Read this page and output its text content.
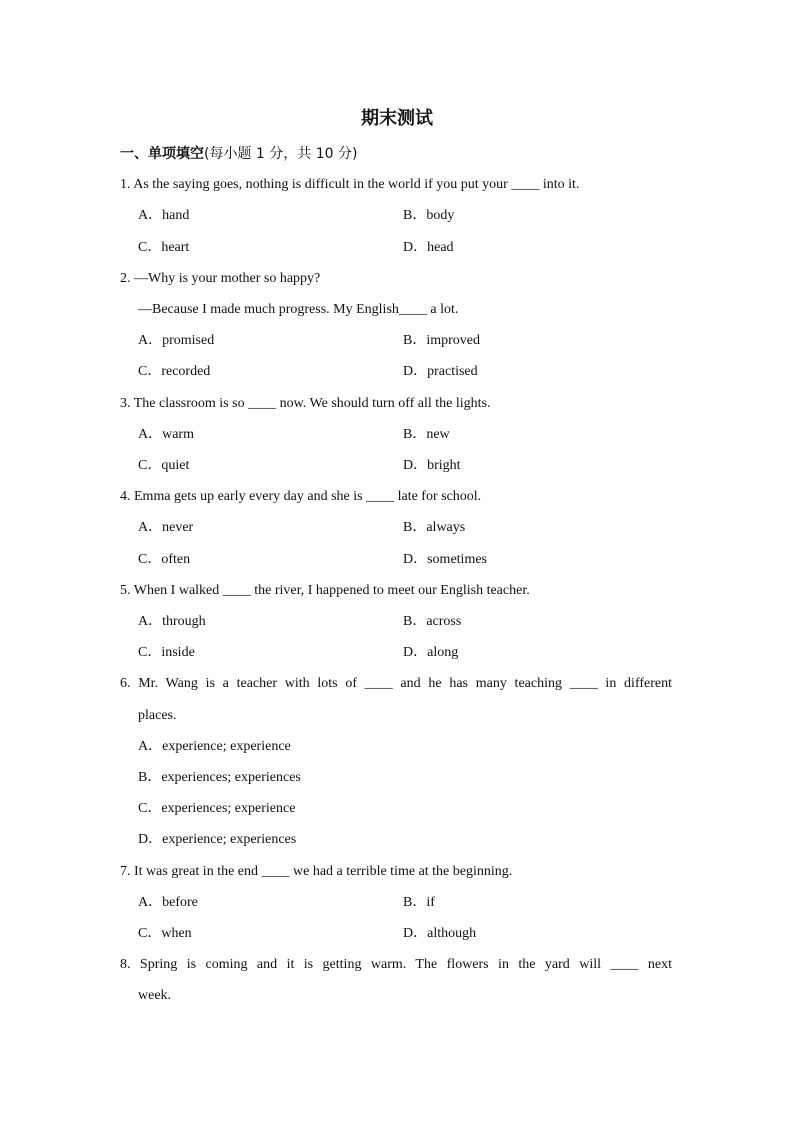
期末测试
一、单项填空(每小题 1 分，共 10 分)
1. As the saying goes, nothing is difficult in the world if you put your ____ into it.
A．hand	B．body
C．heart	D．head
2. —Why is your mother so happy?
—Because I made much progress. My English____ a lot.
A．promised	B．improved
C．recorded	D．practised
3. The classroom is so ____ now. We should turn off all the lights.
A．warm	B．new
C．quiet	D．bright
4. Emma gets up early every day and she is ____ late for school.
A．never	B．always
C．often	D．sometimes
5. When I walked ____ the river, I happened to meet our English teacher.
A．through	B．across
C．inside	D．along
6. Mr. Wang is a teacher with lots of ____ and he has many teaching ____ in different
places.
A．experience; experience
B．experiences; experiences
C．experiences; experience
D．experience; experiences
7. It was great in the end ____ we had a terrible time at the beginning.
A．before	B．if
C．when	D．although
8. Spring is coming and it is getting warm. The flowers in the yard will ____ next
week.
